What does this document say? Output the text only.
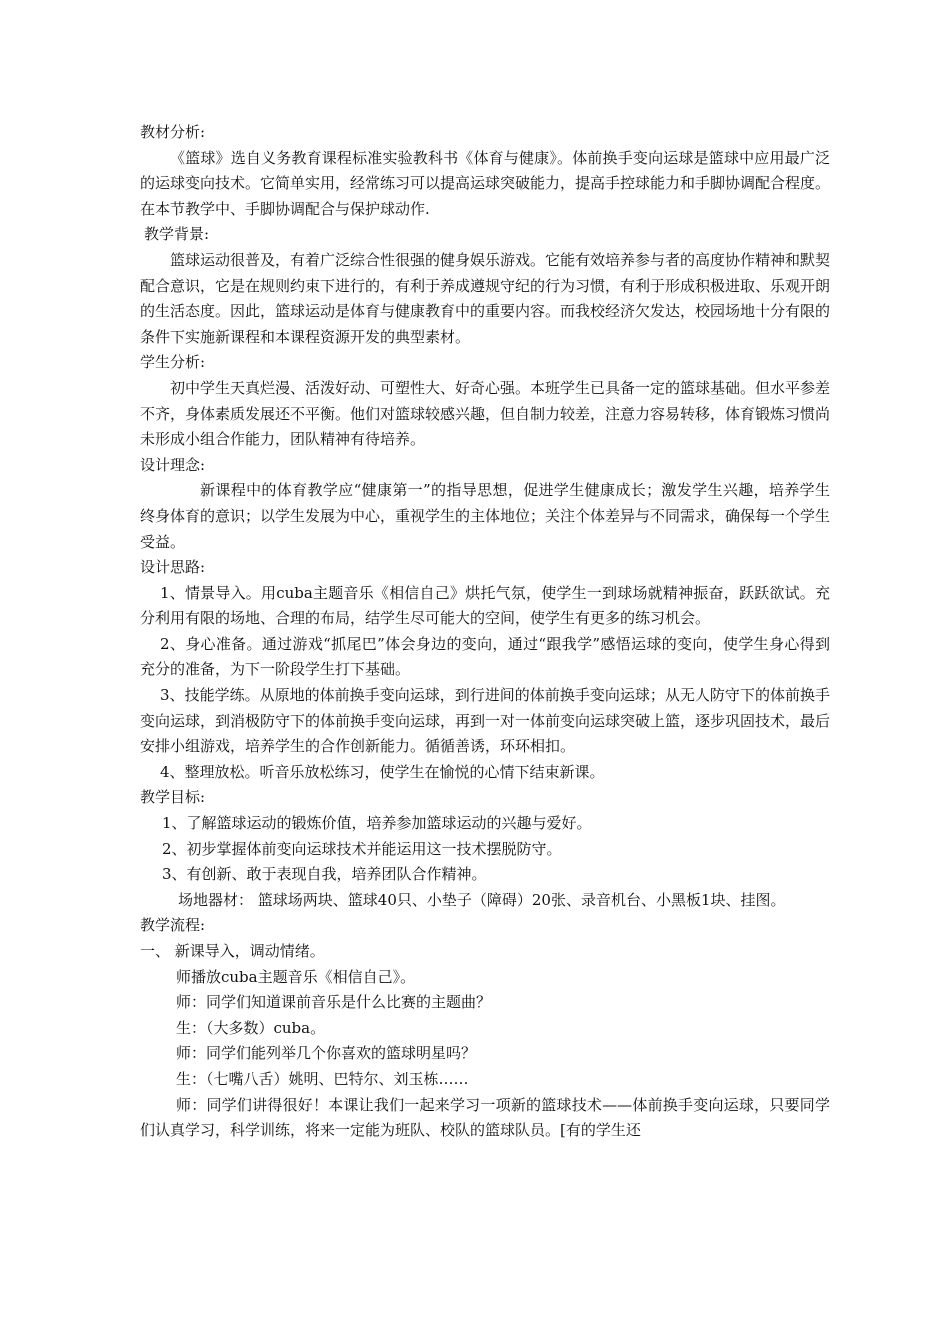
教材分析:

《篮球》选自义务教育课程标准实验教科书《体育与健康》。体前换手变向运球是篮球中应用最广泛的运球变向技术。它简单实用，经常练习可以提高运球突破能力，提高手控球能力和手脚协调配合程度。在本节教学中、手脚协调配合与保护球动作.

教学背景:

篮球运动很普及，有着广泛综合性很强的健身娱乐游戏。它能有效培养参与者的高度协作精神和默契配合意识，它是在规则约束下进行的，有利于养成遵规守纪的行为习惯，有利于形成积极进取、乐观开朗的生活态度。因此，篮球运动是体育与健康教育中的重要内容。而我校经济欠发达，校园场地十分有限的条件下实施新课程和本课程资源开发的典型素材。

学生分析:

初中学生天真烂漫、活泼好动、可塑性大、好奇心强。本班学生已具备一定的篮球基础。但水平参差不齐，身体素质发展还不平衡。他们对篮球较感兴趣，但自制力较差，注意力容易转移，体育锻炼习惯尚未形成小组合作能力，团队精神有待培养。

设计理念:

新课程中的体育教学应“健康第一”的指导思想，促进学生健康成长；激发学生兴趣，培养学生终身体育的意识；以学生发展为中心，重视学生的主体地位；关注个体差异与不同需求，确保每一个学生受益。

设计思路:

1、情景导入。用cuba主题音乐《相信自己》烘托气氛，使学生一到球场就精神振奋，跃跃欲试。充分利用有限的场地、合理的布局，结学生尽可能大的空间，使学生有更多的练习机会。

2、身心准备。通过游戏“抓尾巴”体会身边的变向，通过“跟我学”感悟运球的变向，使学生身心得到充分的准备，为下一阶段学生打下基础。

3、技能学练。从原地的体前换手变向运球，到行进间的体前换手变向运球；从无人防守下的体前换手变向运球，到消极防守下的体前换手变向运球，再到一对一体前变向运球突破上篮，逐步巩固技术，最后安排小组游戏，培养学生的合作创新能力。循循善诱，环环相扣。

4、整理放松。听音乐放松练习，使学生在愉悦的心情下结束新课。

教学目标:

1、了解篮球运动的锻炼价值，培养参加篮球运动的兴趣与爱好。

2、初步掌握体前变向运球技术并能运用这一技术摆脱防守。

3、有创新、敢于表现自我，培养团队合作精神。

场地器材： 篮球场两块、篮球40只、小垫子（障碍）20张、录音机台、小黑板1块、挂图。

教学流程:

一、 新课导入，调动情绪。

师播放cuba主题音乐《相信自己》。

师：同学们知道课前音乐是什么比赛的主题曲？

生：（大多数）cuba。

师：同学们能列举几个你喜欢的篮球明星吗？

生：（七嘴八舌）姚明、巴特尔、刘玉栋……

师：同学们讲得很好！本课让我们一起来学习一项新的篮球技术——体前换手变向运球，只要同学们认真学习，科学训练，将来一定能为班队、校队的篮球队员。[有的学生还
